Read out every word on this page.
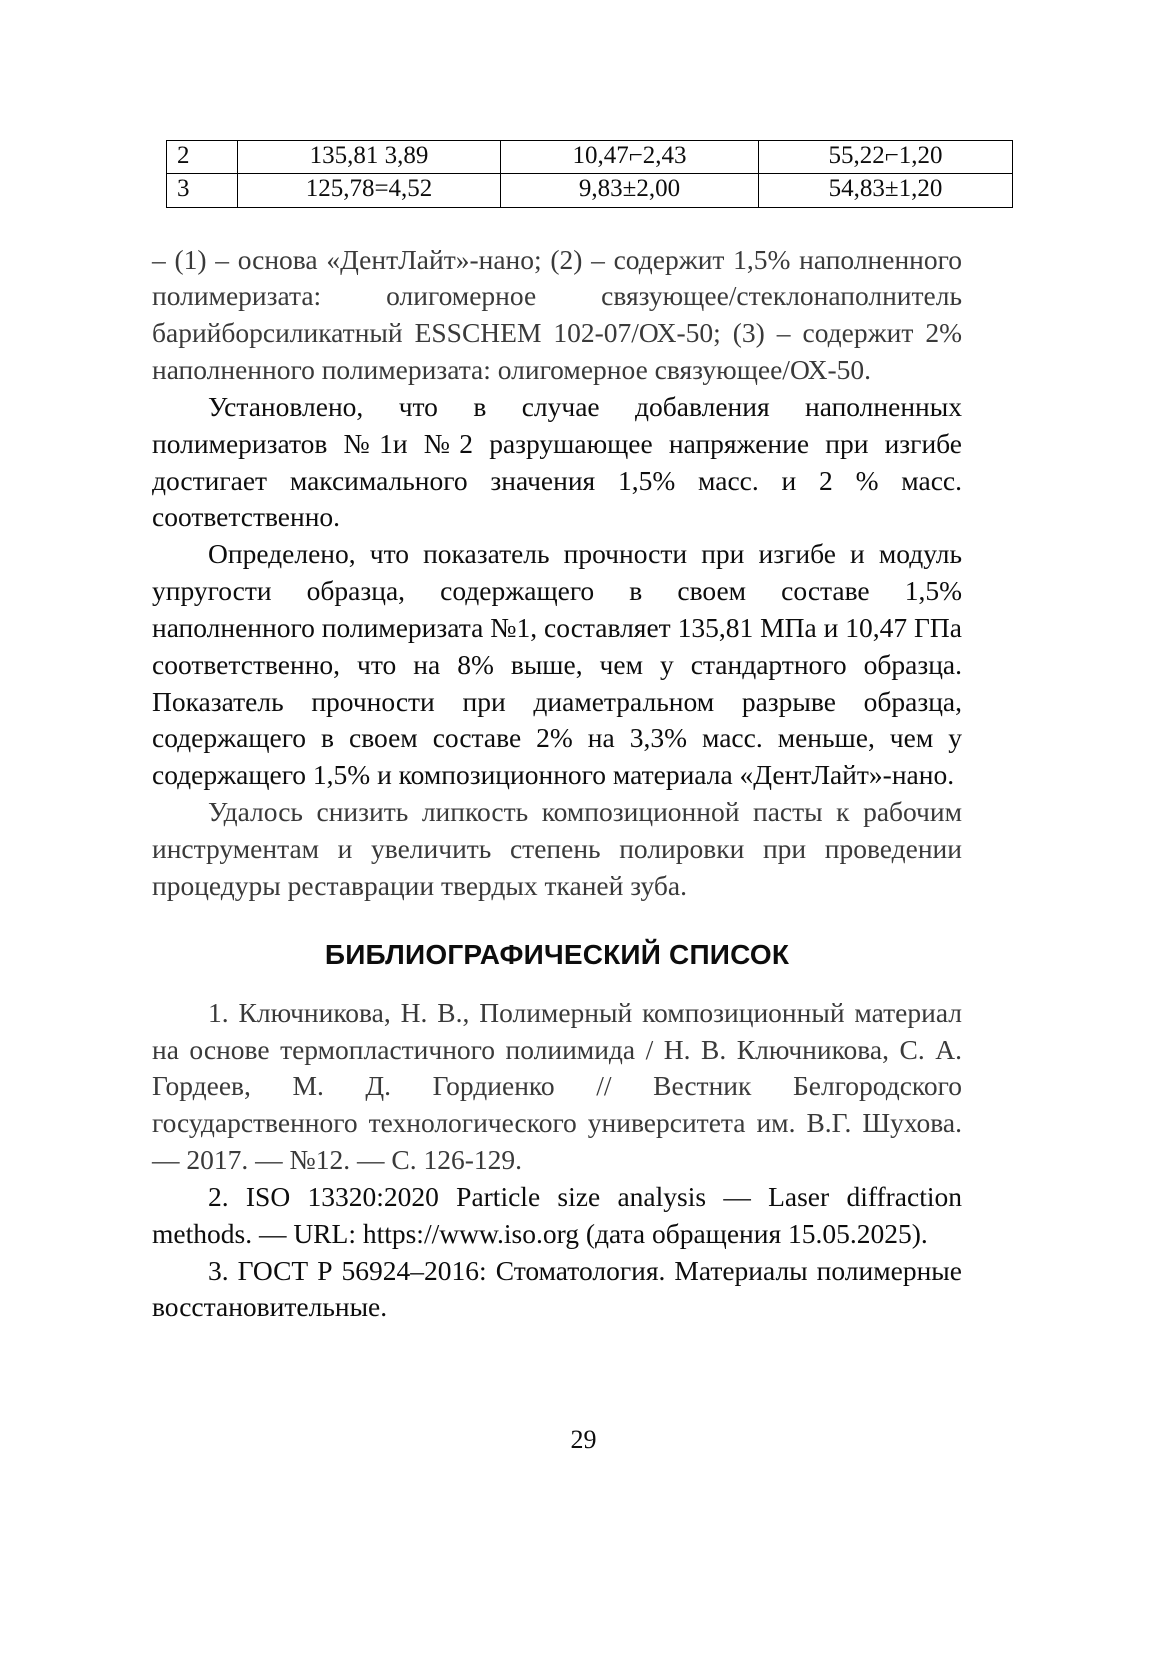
2	135,81 3,89	10,47⌐2,43	55,22⌐1,20
3	125,78=4,52	9,83±2,00	54,83±1,20

– (1) – основа «ДентЛайт»-нано; (2) – содержит 1,5% наполненного полимеризата: олигомерное связующее/стеклонаполнитель барийборсиликатный ESSCHEM 102-07/ОХ-50; (3) – содержит 2% наполненного полимеризата: олигомерное связующее/ОХ-50.

Установлено, что в случае добавления наполненных полимеризатов №1и №2 разрушающее напряжение при изгибе достигает максимального значения 1,5% масс. и 2 % масс. соответственно.

Определено, что показатель прочности при изгибе и модуль упругости образца, содержащего в своем составе 1,5% наполненного полимеризата №1, составляет 135,81 МПа и 10,47 ГПа соответственно, что на 8% выше, чем у стандартного образца. Показатель прочности при диаметральном разрыве образца, содержащего в своем составе 2% на 3,3% масс. меньше, чем у содержащего 1,5% и композиционного материала «ДентЛайт»-нано.

Удалось снизить липкость композиционной пасты к рабочим инструментам и увеличить степень полировки при проведении процедуры реставрации твердых тканей зуба.

БИБЛИОГРАФИЧЕСКИЙ СПИСОК

1. Ключникова, Н. В., Полимерный композиционный материал на основе термопластичного полиимида / Н. В. Ключникова, С. А. Гордеев, М. Д. Гордиенко // Вестник Белгородского государственного технологического университета им. В.Г. Шухова. — 2017. — №12. — С. 126-129.

2. ISO 13320:2020 Particle size analysis — Laser diffraction methods. — URL: https://www.iso.org (дата обращения 15.05.2025).

3. ГОСТ Р 56924–2016: Стоматология. Материалы полимерные восстановительные.

29
